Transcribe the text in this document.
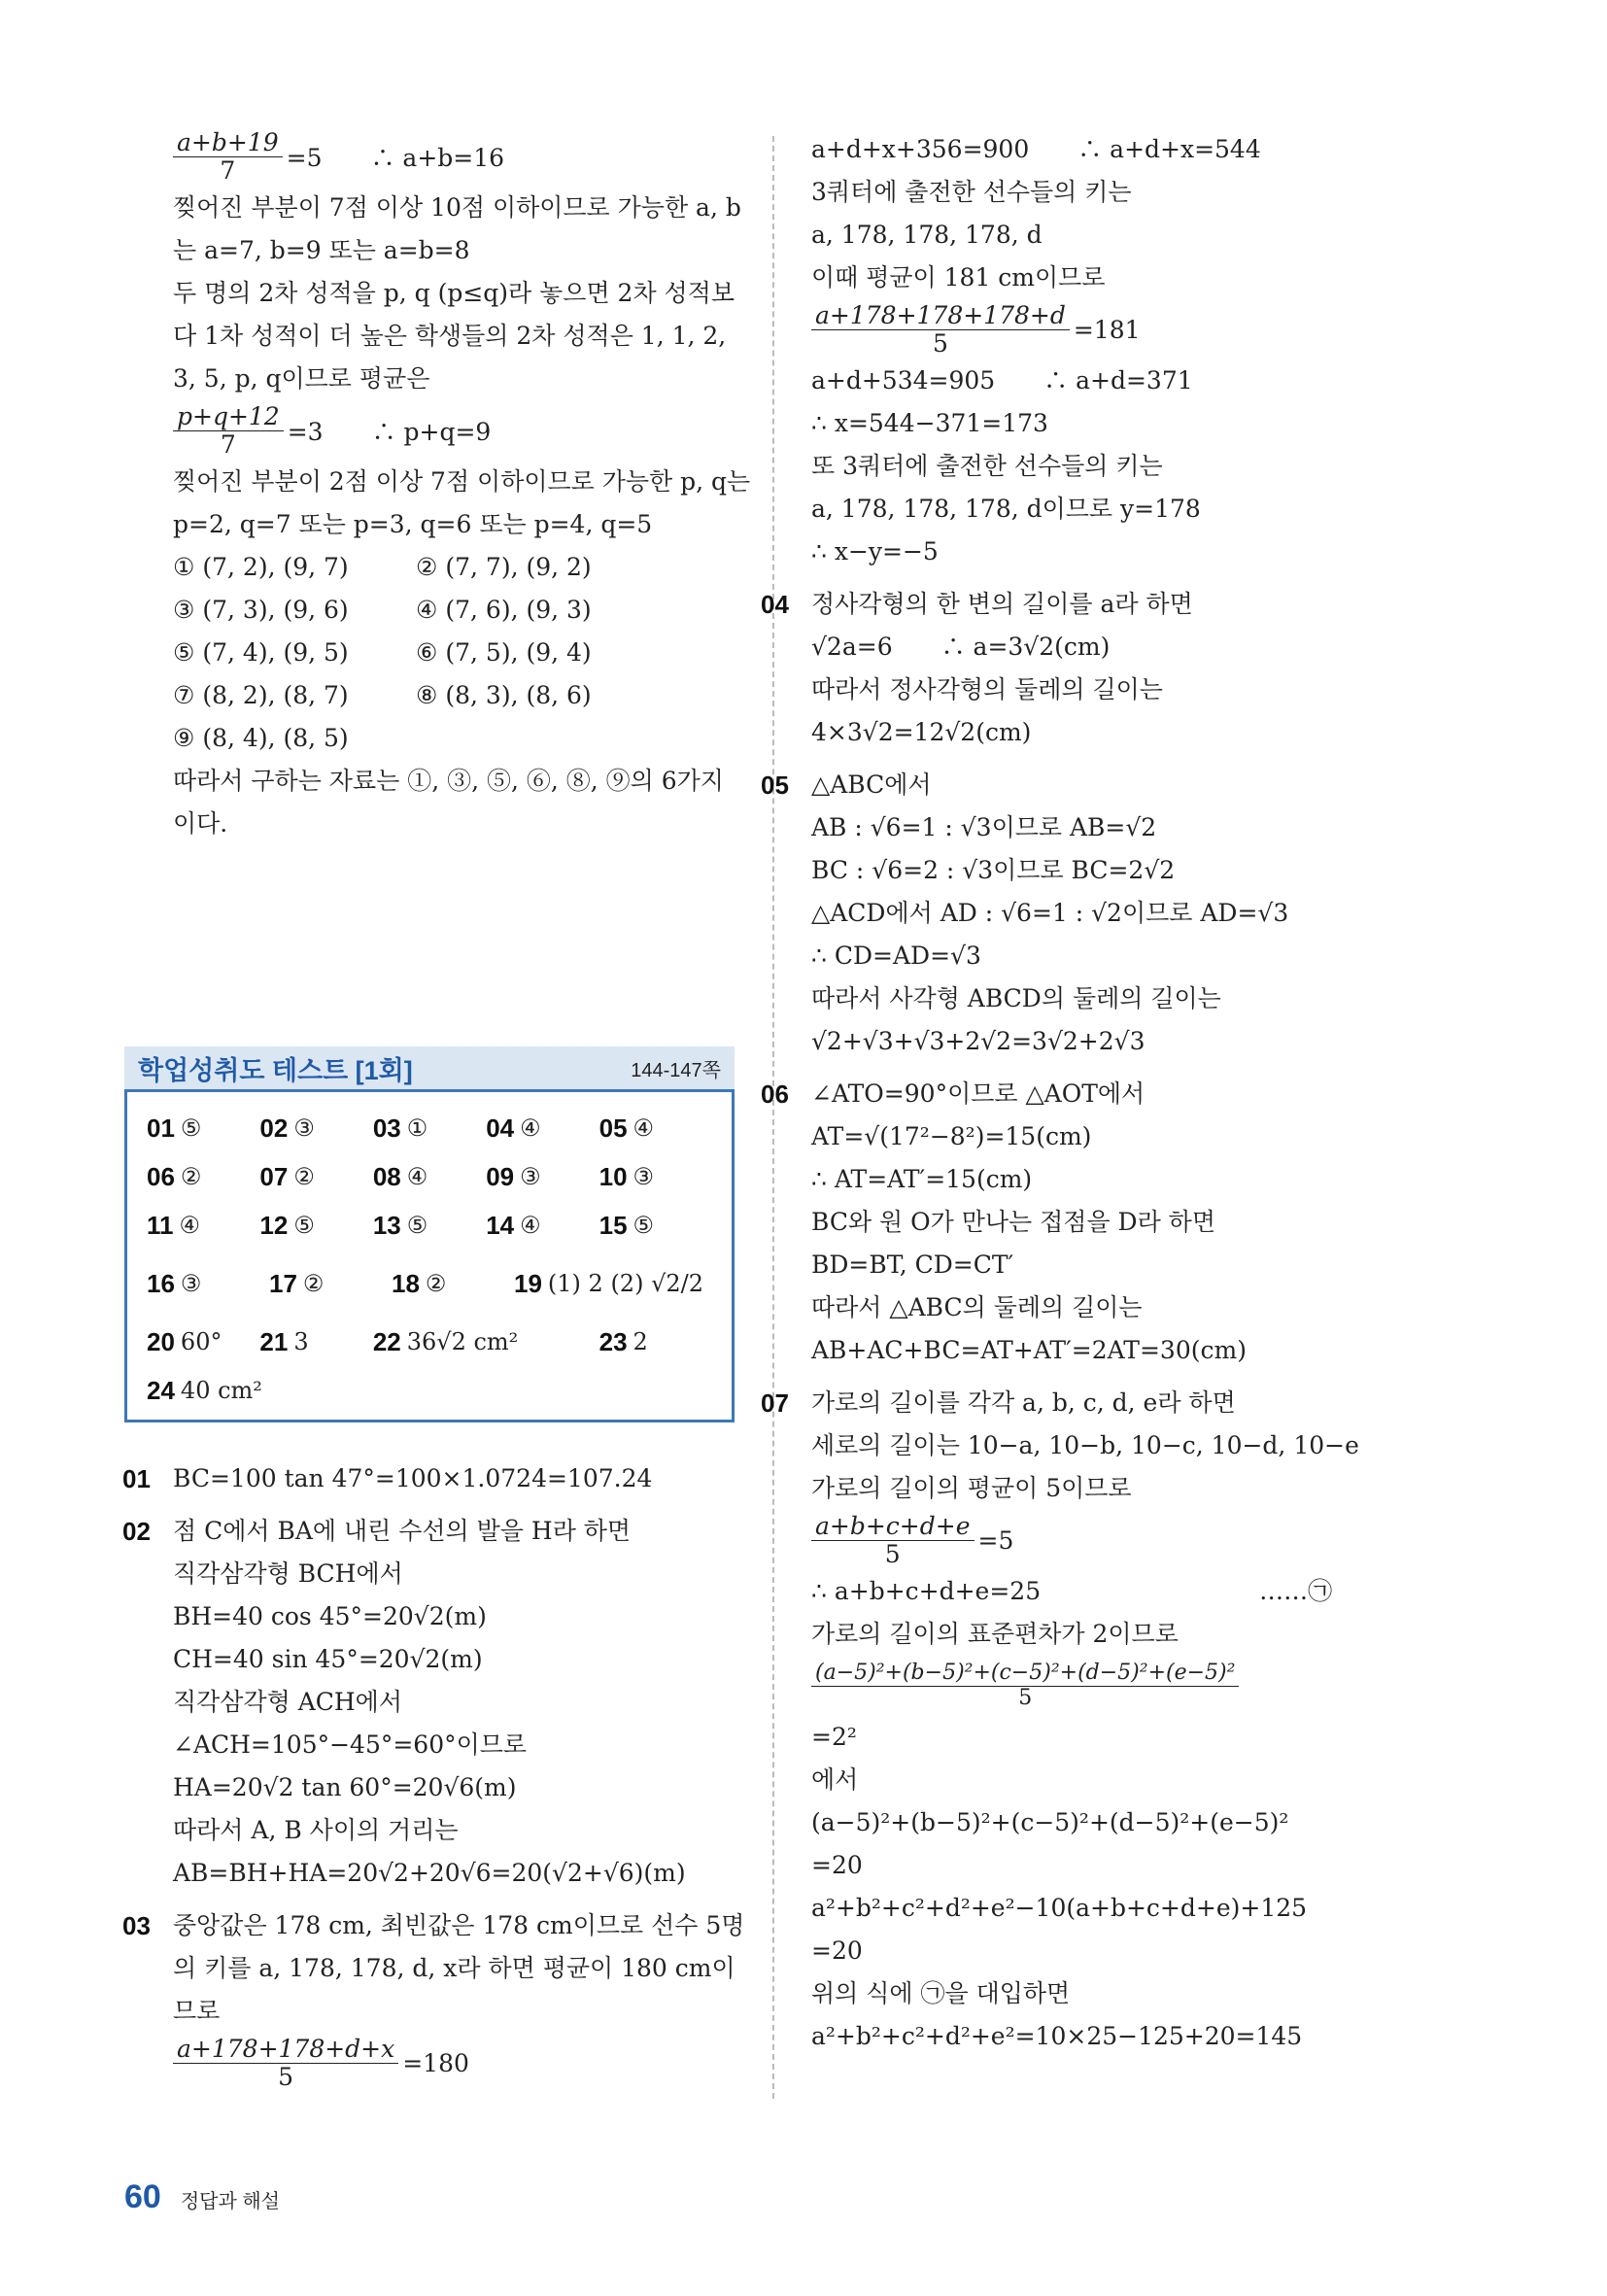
$\frac{a+b+19}{7} =5$　　∴ a+b=16
찢어진 부분이 7점 이상 10점 이하이므로 가능한 a, b
는 a=7, b=9 또는 a=b=8
두 명의 2차 성적을 p, q (p≤q)라 놓으면 2차 성적보
다 1차 성적이 더 높은 학생들의 2차 성적은 1, 1, 2,
3, 5, p, q이므로 평균은
$\frac{p+q+12}{7} =3$　　∴ p+q=9
찢어진 부분이 2점 이상 7점 이하이므로 가능한 p, q는
p=2, q=7 또는 p=3, q=6 또는 p=4, q=5
① (7, 2), (9, 7)	② (7, 7), (9, 2)
③ (7, 3), (9, 6)	④ (7, 6), (9, 3)
⑤ (7, 4), (9, 5)	⑥ (7, 5), (9, 4)
⑦ (8, 2), (8, 7)	⑧ (8, 3), (8, 6)
⑨ (8, 4), (8, 5)
따라서 구하는 자료는 ①, ③, ⑤, ⑥, ⑧, ⑨의 6가지
이다.
학업성취도 테스트 [1회]	144-147쪽
01 ⑤ 02 ③ 03 ① 04 ④ 05 ④
06 ② 07 ② 08 ④ 09 ③ 10 ③
11 ④ 12 ⑤ 13 ⑤ 14 ④ 15 ⑤
16 ③	17 ②	18 ②	19 (1) 2 (2) √2/2
20 60° 21 3	22 36√2 cm²	23 2
24 40 cm²
01 BC=100 tan 47°=100×1.0724=107.24
02 점 C에서 BA에 내린 수선의 발을 H라 하면
직각삼각형 BCH에서
BH=40 cos 45°=20√2(m)
CH=40 sin 45°=20√2(m)
직각삼각형 ACH에서
∠ACH=105°−45°=60°이므로
HA=20√2 tan 60°=20√6(m)
따라서 A, B 사이의 거리는
AB=BH+HA=20√2+20√6=20(√2+√6)(m)
03 중앙값은 178 cm, 최빈값은 178 cm이므로 선수 5명
의 키를 a, 178, 178, d, x라 하면 평균이 180 cm이
므로
$\frac{a+178+178+d+x}{5} =180$
a+d+x+356=900　　∴ a+d+x=544
3쿼터에 출전한 선수들의 키는
a, 178, 178, 178, d
이때 평균이 181 cm이므로
$\frac{a+178+178+178+d}{5} =181$
a+d+534=905　　∴ a+d=371
∴ x=544−371=173
또 3쿼터에 출전한 선수들의 키는
a, 178, 178, 178, d이므로 y=178
∴ x−y=−5
04 정사각형의 한 변의 길이를 a라 하면
√2a=6　　∴ a=3√2(cm)
따라서 정사각형의 둘레의 길이는
4×3√2=12√2(cm)
05 △ABC에서
AB : √6=1 : √3이므로 AB=√2
BC : √6=2 : √3이므로 BC=2√2
△ACD에서 AD : √6=1 : √2이므로 AD=√3
∴ CD=AD=√3
따라서 사각형 ABCD의 둘레의 길이는
√2+√3+√3+2√2=3√2+2√3
06 ∠ATO=90°이므로 △AOT에서
AT=√(17²−8²)=15(cm)
∴ AT=AT′=15(cm)
BC와 원 O가 만나는 접점을 D라 하면
BD=BT, CD=CT′
따라서 △ABC의 둘레의 길이는
AB+AC+BC=AT+AT′=2AT=30(cm)
07 가로의 길이를 각각 a, b, c, d, e라 하면
세로의 길이는 10−a, 10−b, 10−c, 10−d, 10−e
가로의 길이의 평균이 5이므로
$\frac{a+b+c+d+e}{5} =5$
∴ a+b+c+d+e=25　　　　　　　　　……㉠
가로의 길이의 표준편차가 2이므로
$\frac{\text{(a−5)²+(b−5)²+(c−5)²+(d−5)²+(e−5)²}}{5}$
=2²
에서
(a−5)²+(b−5)²+(c−5)²+(d−5)²+(e−5)²
=20
a²+b²+c²+d²+e²−10(a+b+c+d+e)+125
=20
위의 식에 ㉠을 대입하면
a²+b²+c²+d²+e²=10×25−125+20=145
60 정답과 해설
